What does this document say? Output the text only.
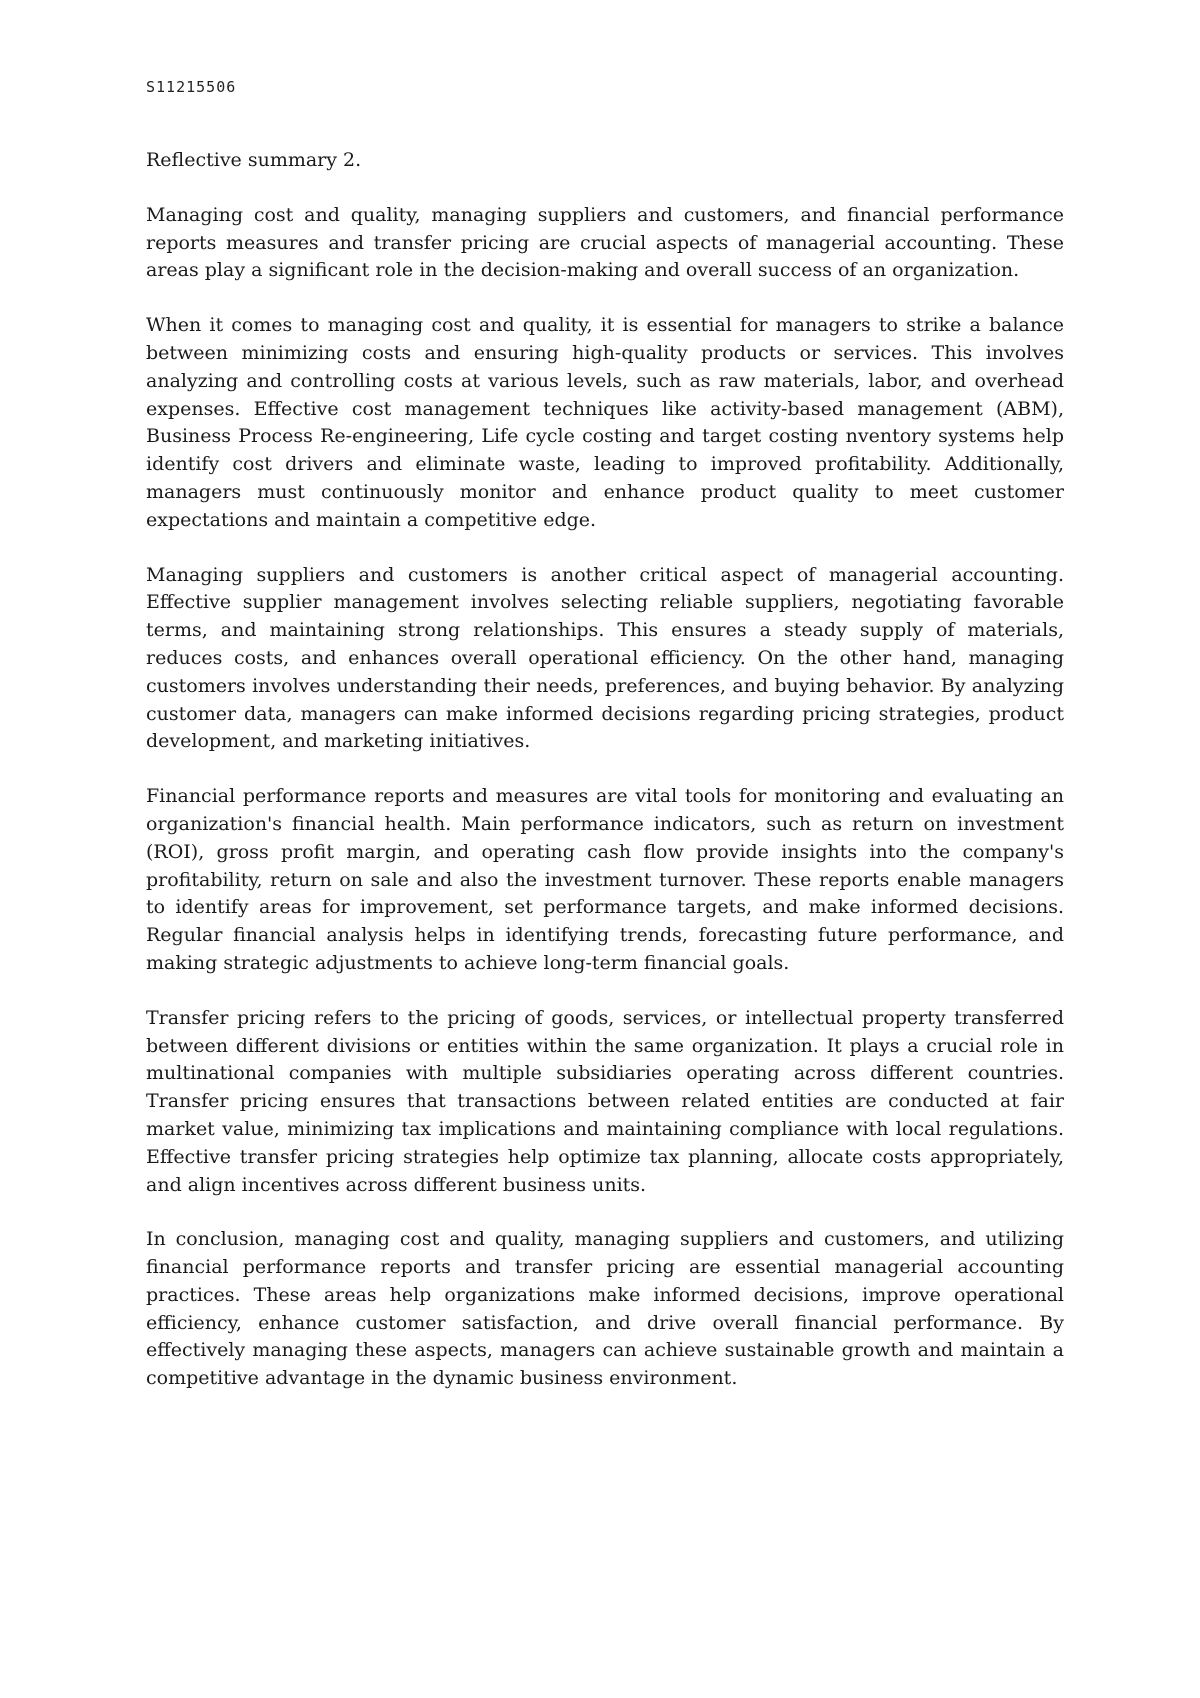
S11215506

Reflective summary 2.

Managing cost and quality, managing suppliers and customers, and financial performance reports measures and transfer pricing are crucial aspects of managerial accounting. These areas play a significant role in the decision-making and overall success of an organization.

When it comes to managing cost and quality, it is essential for managers to strike a balance between minimizing costs and ensuring high-quality products or services. This involves analyzing and controlling costs at various levels, such as raw materials, labor, and overhead expenses. Effective cost management techniques like activity-based management (ABM), Business Process Re-engineering, Life cycle costing and target costing nventory systems help identify cost drivers and eliminate waste, leading to improved profitability. Additionally, managers must continuously monitor and enhance product quality to meet customer expectations and maintain a competitive edge.

Managing suppliers and customers is another critical aspect of managerial accounting. Effective supplier management involves selecting reliable suppliers, negotiating favorable terms, and maintaining strong relationships. This ensures a steady supply of materials, reduces costs, and enhances overall operational efficiency. On the other hand, managing customers involves understanding their needs, preferences, and buying behavior. By analyzing customer data, managers can make informed decisions regarding pricing strategies, product development, and marketing initiatives.

Financial performance reports and measures are vital tools for monitoring and evaluating an organization's financial health. Main performance indicators, such as return on investment (ROI), gross profit margin, and operating cash flow provide insights into the company's profitability, return on sale and also the investment turnover. These reports enable managers to identify areas for improvement, set performance targets, and make informed decisions. Regular financial analysis helps in identifying trends, forecasting future performance, and making strategic adjustments to achieve long-term financial goals.

Transfer pricing refers to the pricing of goods, services, or intellectual property transferred between different divisions or entities within the same organization. It plays a crucial role in multinational companies with multiple subsidiaries operating across different countries. Transfer pricing ensures that transactions between related entities are conducted at fair market value, minimizing tax implications and maintaining compliance with local regulations. Effective transfer pricing strategies help optimize tax planning, allocate costs appropriately, and align incentives across different business units.

In conclusion, managing cost and quality, managing suppliers and customers, and utilizing financial performance reports and transfer pricing are essential managerial accounting practices. These areas help organizations make informed decisions, improve operational efficiency, enhance customer satisfaction, and drive overall financial performance. By effectively managing these aspects, managers can achieve sustainable growth and maintain a competitive advantage in the dynamic business environment.
